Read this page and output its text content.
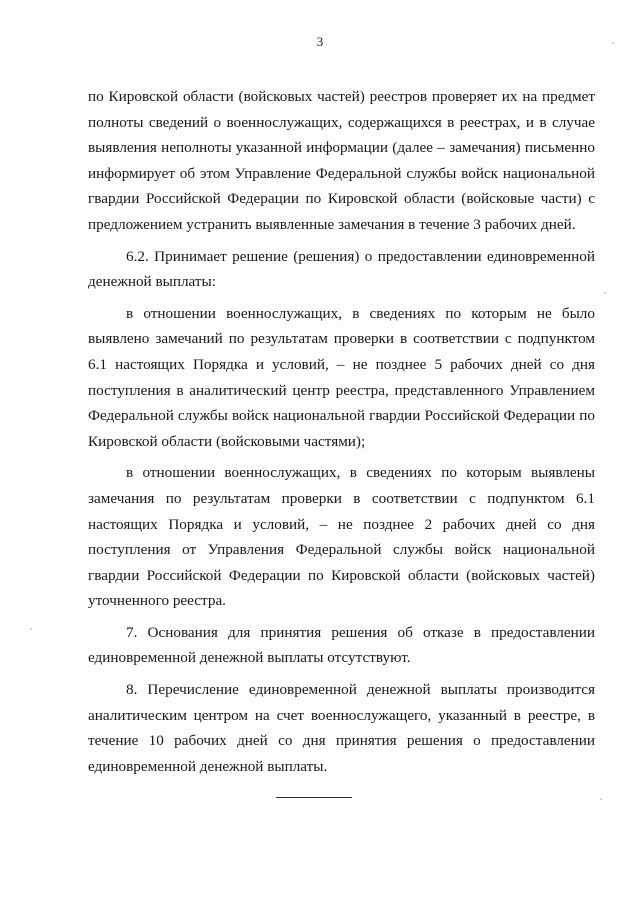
3

по Кировской области (войсковых частей) реестров проверяет их на предмет полноты сведений о военнослужащих, содержащихся в реестрах, и в случае выявления неполноты указанной информации (далее – замечания) письменно информирует об этом Управление Федеральной службы войск национальной гвардии Российской Федерации по Кировской области (войсковые части) с предложением устранить выявленные замечания в течение 3 рабочих дней.

6.2. Принимает решение (решения) о предоставлении единовременной денежной выплаты:

в отношении военнослужащих, в сведениях по которым не было выявлено замечаний по результатам проверки в соответствии с подпунктом 6.1 настоящих Порядка и условий, – не позднее 5 рабочих дней со дня поступления в аналитический центр реестра, представленного Управлением Федеральной службы войск национальной гвардии Российской Федерации по Кировской области (войсковыми частями);

в отношении военнослужащих, в сведениях по которым выявлены замечания по результатам проверки в соответствии с подпунктом 6.1 настоящих Порядка и условий, – не позднее 2 рабочих дней со дня поступления от Управления Федеральной службы войск национальной гвардии Российской Федерации по Кировской области (войсковых частей) уточненного реестра.

7. Основания для принятия решения об отказе в предоставлении единовременной денежной выплаты отсутствуют.

8. Перечисление единовременной денежной выплаты производится аналитическим центром на счет военнослужащего, указанный в реестре, в течение 10 рабочих дней со дня принятия решения о предоставлении единовременной денежной выплаты.
